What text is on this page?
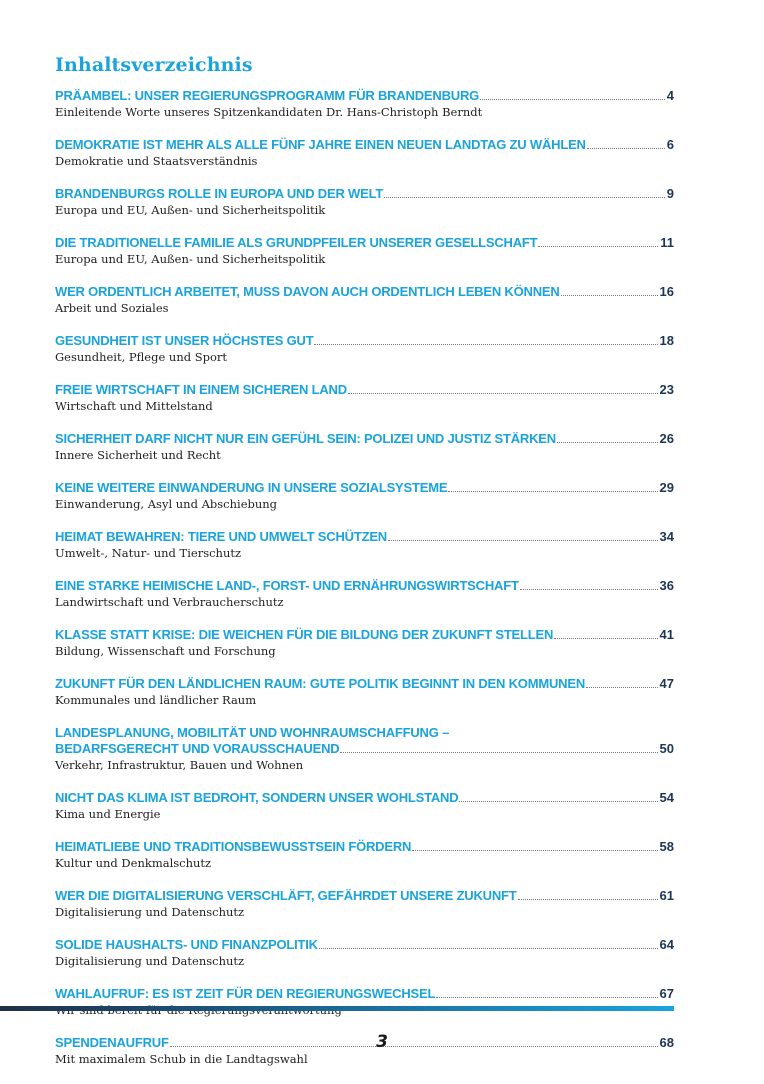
Inhaltsverzeichnis
PRÄAMBEL: UNSER REGIERUNGSPROGRAMM FÜR BRANDENBURG	4
Einleitende Worte unseres Spitzenkandidaten Dr. Hans-Christoph Berndt
DEMOKRATIE IST MEHR ALS ALLE FÜNF JAHRE EINEN NEUEN LANDTAG ZU WÄHLEN	6
Demokratie und Staatsverständnis
BRANDENBURGS ROLLE IN EUROPA UND DER WELT	9
Europa und EU, Außen- und Sicherheitspolitik
DIE TRADITIONELLE FAMILIE ALS GRUNDPFEILER UNSERER GESELLSCHAFT	11
Europa und EU, Außen- und Sicherheitspolitik
WER ORDENTLICH ARBEITET, MUSS DAVON AUCH ORDENTLICH LEBEN KÖNNEN	16
Arbeit und Soziales
GESUNDHEIT IST UNSER HÖCHSTES GUT	18
Gesundheit, Pflege und Sport
FREIE WIRTSCHAFT IN EINEM SICHEREN LAND	23
Wirtschaft und Mittelstand
SICHERHEIT DARF NICHT NUR EIN GEFÜHL SEIN: POLIZEI UND JUSTIZ STÄRKEN	26
Innere Sicherheit und Recht
KEINE WEITERE EINWANDERUNG IN UNSERE SOZIALSYSTEME	29
Einwanderung, Asyl und Abschiebung
HEIMAT BEWAHREN: TIERE UND UMWELT SCHÜTZEN	34
Umwelt-, Natur- und Tierschutz
EINE STARKE HEIMISCHE LAND-, FORST- UND ERNÄHRUNGSWIRTSCHAFT	36
Landwirtschaft und Verbraucherschutz
KLASSE STATT KRISE: DIE WEICHEN FÜR DIE BILDUNG DER ZUKUNFT STELLEN	41
Bildung, Wissenschaft und Forschung
ZUKUNFT FÜR DEN LÄNDLICHEN RAUM: GUTE POLITIK BEGINNT IN DEN KOMMUNEN	47
Kommunales und ländlicher Raum
LANDESPLANUNG, MOBILITÄT UND WOHNRAUMSCHAFFUNG –
BEDARFSGERECHT UND VORAUSSCHAUEND	50
Verkehr, Infrastruktur, Bauen und Wohnen
NICHT DAS KLIMA IST BEDROHT, SONDERN UNSER WOHLSTAND	54
Kima und Energie
HEIMATLIEBE UND TRADITIONSBEWUSSTSEIN FÖRDERN	58
Kultur und Denkmalschutz
WER DIE DIGITALISIERUNG VERSCHLÄFT, GEFÄHRDET UNSERE ZUKUNFT	61
Digitalisierung und Datenschutz
SOLIDE HAUSHALTS- UND FINANZPOLITIK	64
Digitalisierung und Datenschutz
WAHLAUFRUF: ES IST ZEIT FÜR DEN REGIERUNGSWECHSEL	67
SPENDENAUFRUF	68
Mit maximalem Schub in die Landtagswahl
3
